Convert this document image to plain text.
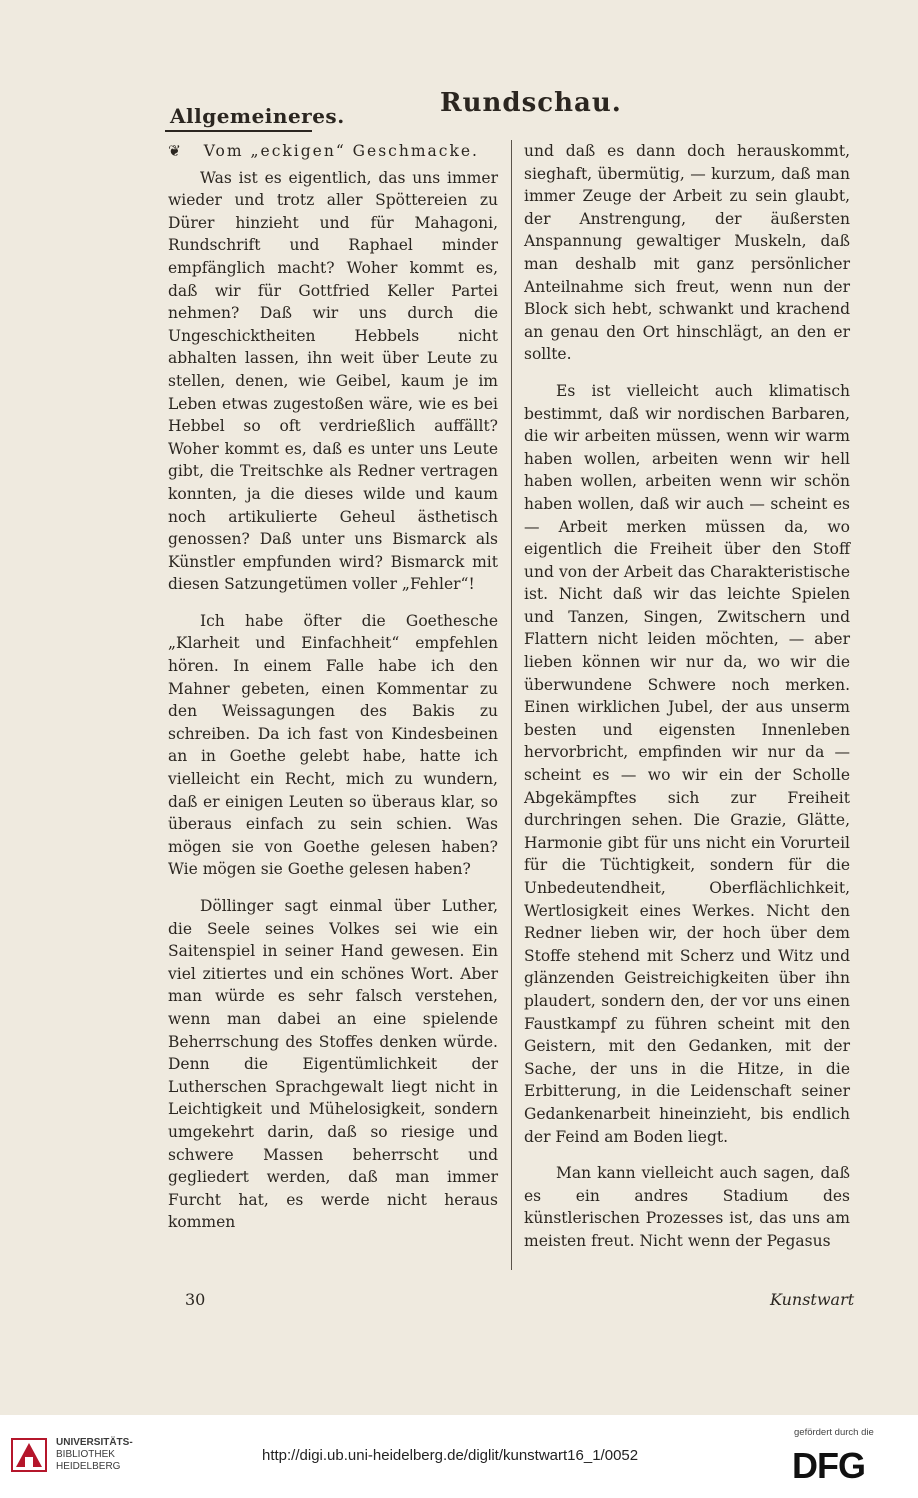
Allgemeineres.	Rundschau.

❦ Vom „eckigen“ Geschmacke.

Was ist es eigentlich, das uns immer wieder und trotz aller Spöttereien zu Dürer hinzieht und für Mahagoni, Rundschrift und Raphael minder empfänglich macht? Woher kommt es, daß wir für Gottfried Keller Partei nehmen? Daß wir uns durch die Ungeschicktheiten Hebbels nicht abhalten lassen, ihn weit über Leute zu stellen, denen, wie Geibel, kaum je im Leben etwas zugestoßen wäre, wie es bei Hebbel so oft verdrießlich auffällt? Woher kommt es, daß es unter uns Leute gibt, die Treitschke als Redner vertragen konnten, ja die dieses wilde und kaum noch artikulierte Geheul ästhetisch genossen? Daß unter uns Bismarck als Künstler empfunden wird? Bismarck mit diesen Satzungetümen voller „Fehler“!

Ich habe öfter die Goethesche „Klarheit und Einfachheit“ empfehlen hören. In einem Falle habe ich den Mahner gebeten, einen Kommentar zu den Weissagungen des Bakis zu schreiben. Da ich fast von Kindesbeinen an in Goethe gelebt habe, hatte ich vielleicht ein Recht, mich zu wundern, daß er einigen Leuten so überaus klar, so überaus einfach zu sein schien. Was mögen sie von Goethe gelesen haben? Wie mögen sie Goethe gelesen haben?

Döllinger sagt einmal über Luther, die Seele seines Volkes sei wie ein Saitenspiel in seiner Hand gewesen. Ein viel zitiertes und ein schönes Wort. Aber man würde es sehr falsch verstehen, wenn man dabei an eine spielende Beherrschung des Stoffes denken würde. Denn die Eigentümlichkeit der Lutherschen Sprachgewalt liegt nicht in Leichtigkeit und Mühelosigkeit, sondern umgekehrt darin, daß so riesige und schwere Massen beherrscht und gegliedert werden, daß man immer Furcht hat, es werde nicht heraus kommen

und daß es dann doch herauskommt, sieghaft, übermütig, — kurzum, daß man immer Zeuge der Arbeit zu sein glaubt, der Anstrengung, der äußersten Anspannung gewaltiger Muskeln, daß man deshalb mit ganz persönlicher Anteilnahme sich freut, wenn nun der Block sich hebt, schwankt und krachend an genau den Ort hinschlägt, an den er sollte.

Es ist vielleicht auch klimatisch bestimmt, daß wir nordischen Barbaren, die wir arbeiten müssen, wenn wir warm haben wollen, arbeiten wenn wir hell haben wollen, arbeiten wenn wir schön haben wollen, daß wir auch — scheint es — Arbeit merken müssen da, wo eigentlich die Freiheit über den Stoff und von der Arbeit das Charakteristische ist. Nicht daß wir das leichte Spielen und Tanzen, Singen, Zwitschern und Flattern nicht leiden möchten, — aber lieben können wir nur da, wo wir die überwundene Schwere noch merken. Einen wirklichen Jubel, der aus unserm besten und eigensten Innenleben hervorbricht, empfinden wir nur da — scheint es — wo wir ein der Scholle Abgekämpftes sich zur Freiheit durchringen sehen. Die Grazie, Glätte, Harmonie gibt für uns nicht ein Vorurteil für die Tüchtigkeit, sondern für die Unbedeutendheit, Oberflächlichkeit, Wertlosigkeit eines Werkes. Nicht den Redner lieben wir, der hoch über dem Stoffe stehend mit Scherz und Witz und glänzenden Geistreichigkeiten über ihn plaudert, sondern den, der vor uns einen Faustkampf zu führen scheint mit den Geistern, mit den Gedanken, mit der Sache, der uns in die Hitze, in die Erbitterung, in die Leidenschaft seiner Gedankenarbeit hineinzieht, bis endlich der Feind am Boden liegt.

Man kann vielleicht auch sagen, daß es ein andres Stadium des künstlerischen Prozesses ist, das uns am meisten freut. Nicht wenn der Pegasus

30	Kunstwart
UNIVERSITÄTS-
BIBLIOTHEK
HEIDELBERG
http://digi.ub.uni-heidelberg.de/diglit/kunstwart16_1/0052
gefördert durch die
DFG
